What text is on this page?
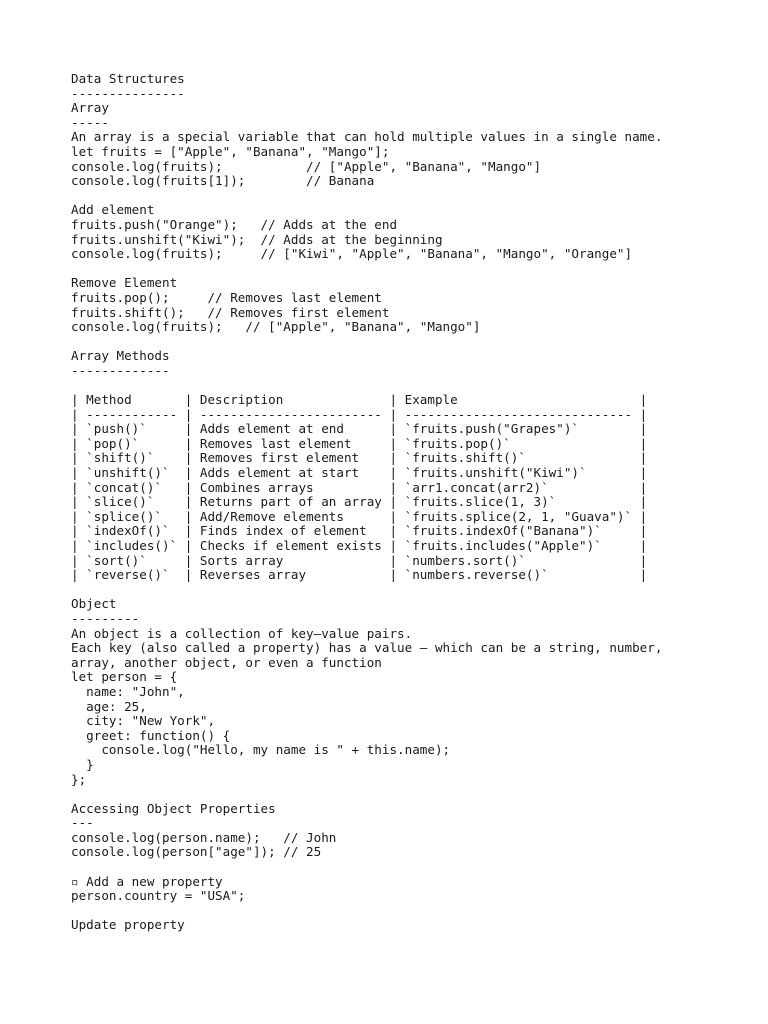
Data Structures
---------------
Array
-----
An array is a special variable that can hold multiple values in a single name.
let fruits = ["Apple", "Banana", "Mango"];
console.log(fruits);           // ["Apple", "Banana", "Mango"]
console.log(fruits[1]);        // Banana
Add element
fruits.push("Orange");   // Adds at the end
fruits.unshift("Kiwi");  // Adds at the beginning
console.log(fruits);     // ["Kiwi", "Apple", "Banana", "Mango", "Orange"]
Remove Element
fruits.pop();     // Removes last element
fruits.shift();   // Removes first element
console.log(fruits);   // ["Apple", "Banana", "Mango"]
Array Methods
-------------
| Method       | Description              | Example                        |
| ------------ | ------------------------ | ------------------------------ |
| `push()`     | Adds element at end      | `fruits.push("Grapes")`        |
| `pop()`      | Removes last element     | `fruits.pop()`                 |
| `shift()`    | Removes first element    | `fruits.shift()`               |
| `unshift()`  | Adds element at start    | `fruits.unshift("Kiwi")`       |
| `concat()`   | Combines arrays          | `arr1.concat(arr2)`            |
| `slice()`    | Returns part of an array | `fruits.slice(1, 3)`           |
| `splice()`   | Add/Remove elements      | `fruits.splice(2, 1, "Guava")` |
| `indexOf()`  | Finds index of element   | `fruits.indexOf("Banana")`     |
| `includes()` | Checks if element exists | `fruits.includes("Apple")`     |
| `sort()`     | Sorts array              | `numbers.sort()`               |
| `reverse()`  | Reverses array           | `numbers.reverse()`            |
Object
---------
An object is a collection of key–value pairs.
Each key (also called a property) has a value — which can be a string, number,
array, another object, or even a function
let person = {
name: "John",
age: 25,
city: "New York",
greet: function() {
console.log("Hello, my name is " + this.name);
}
};
Accessing Object Properties
---
console.log(person.name);   // John
console.log(person["age"]); // 25
▫ Add a new property
person.country = "USA";
Update property
